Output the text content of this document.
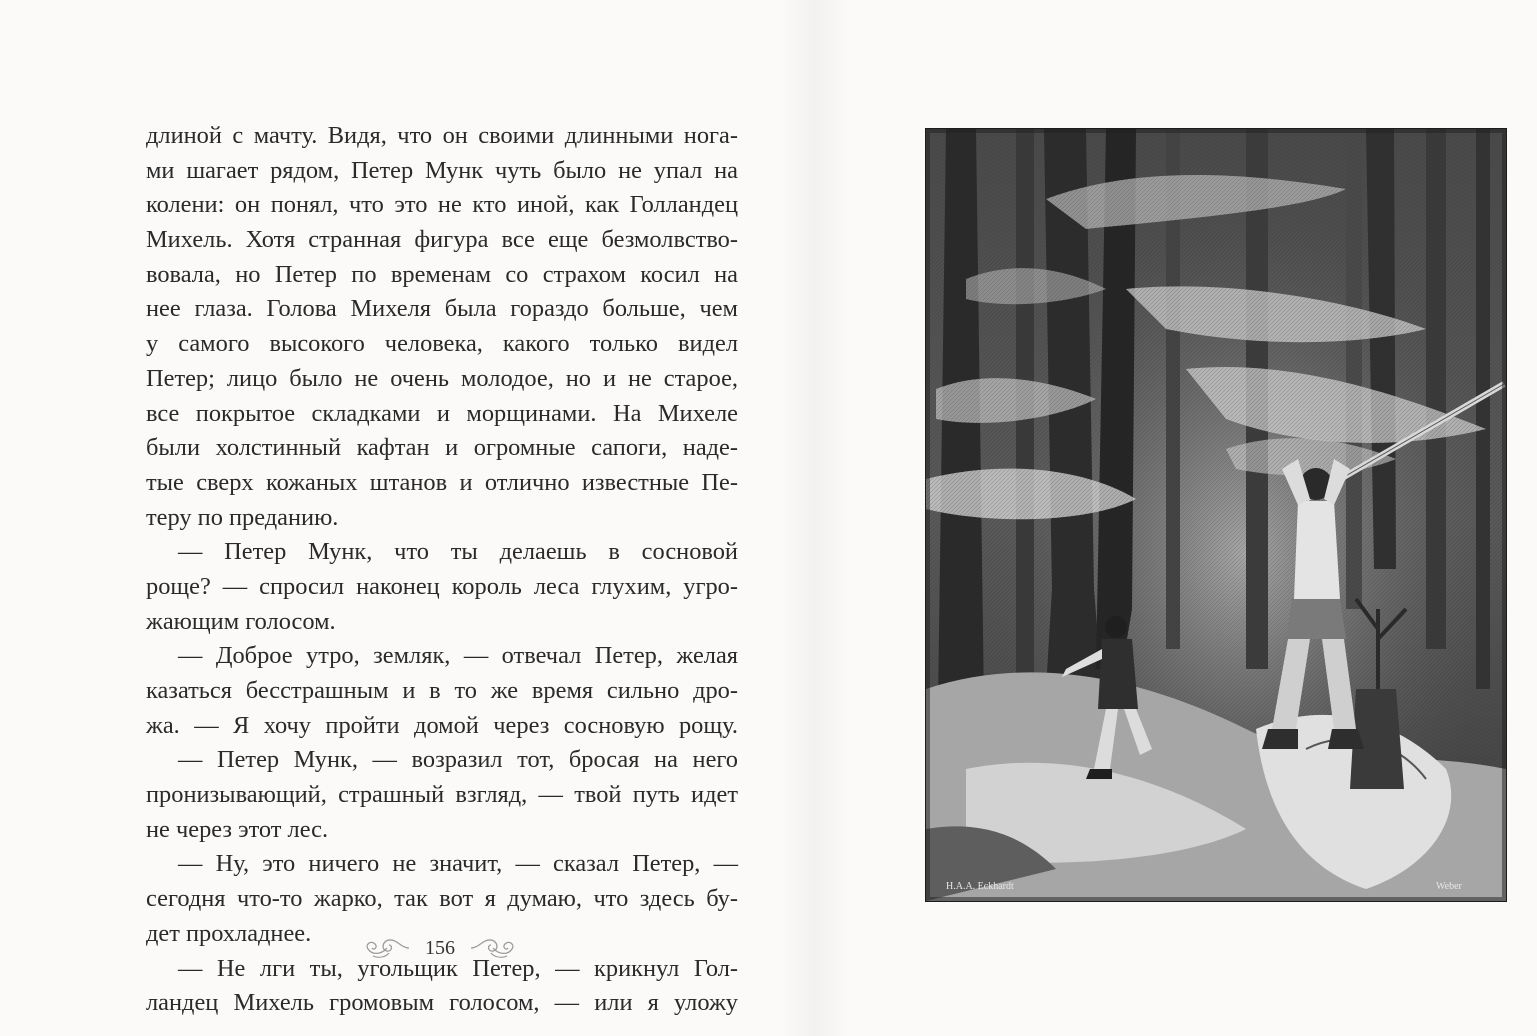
длиной с мачту. Видя, что он своими длинными нога-
ми шагает рядом, Петер Мунк чуть было не упал на
колени: он понял, что это не кто иной, как Голландец
Михель. Хотя странная фигура все еще безмолвство-
вовала, но Петер по временам со страхом косил на
нее глаза. Голова Михеля была гораздо больше, чем
у самого высокого человека, какого только видел
Петер; лицо было не очень молодое, но и не старое,
все покрытое складками и морщинами. На Михеле
были холстинный кафтан и огромные сапоги, наде-
тые сверх кожаных штанов и отлично известные Пе-
теру по преданию.
— Петер Мунк, что ты делаешь в сосновой
роще? — спросил наконец король леса глухим, угро-
жающим голосом.
— Доброе утро, земляк, — отвечал Петер, желая
казаться бесстрашным и в то же время сильно дро-
жа. — Я хочу пройти домой через сосновую рощу.
— Петер Мунк, — возразил тот, бросая на него
пронизывающий, страшный взгляд, — твой путь идет
не через этот лес.
— Ну, это ничего не значит, — сказал Петер, —
сегодня что-то жарко, так вот я думаю, что здесь бу-
дет прохладнее.
— Не лги ты, угольщик Петер, — крикнул Гол-
ландец Михель громовым голосом, — или я уложу
156
H.A.A. Eckhardt	Weber
